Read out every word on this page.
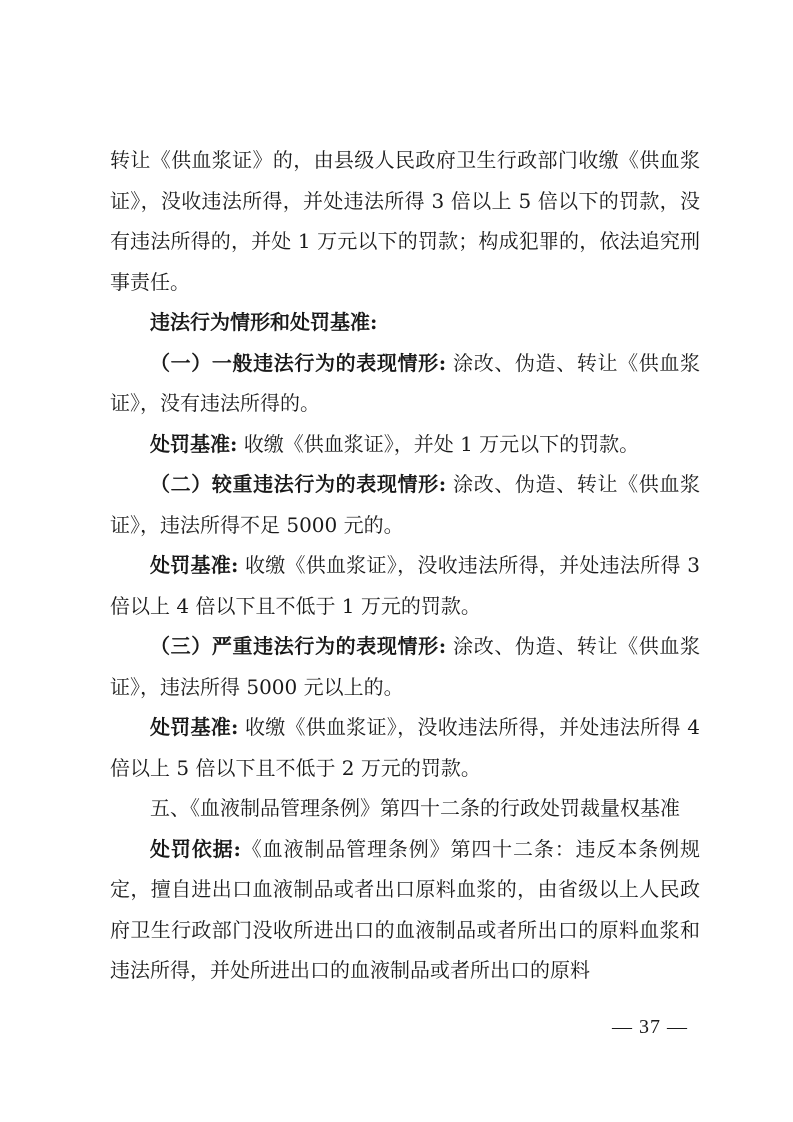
转让《供血浆证》的，由县级人民政府卫生行政部门收缴《供血浆证》，没收违法所得，并处违法所得 3 倍以上 5 倍以下的罚款，没有违法所得的，并处 1 万元以下的罚款；构成犯罪的，依法追究刑事责任。

违法行为情形和处罚基准:

（一）一般违法行为的表现情形: 涂改、伪造、转让《供血浆证》，没有违法所得的。

处罚基准: 收缴《供血浆证》，并处 1 万元以下的罚款。

（二）较重违法行为的表现情形: 涂改、伪造、转让《供血浆证》，违法所得不足 5000 元的。

处罚基准: 收缴《供血浆证》，没收违法所得，并处违法所得 3 倍以上 4 倍以下且不低于 1 万元的罚款。

（三）严重违法行为的表现情形: 涂改、伪造、转让《供血浆证》，违法所得 5000 元以上的。

处罚基准: 收缴《供血浆证》，没收违法所得，并处违法所得 4 倍以上 5 倍以下且不低于 2 万元的罚款。

五、《血液制品管理条例》第四十二条的行政处罚裁量权基准

处罚依据:《血液制品管理条例》第四十二条：违反本条例规定，擅自进出口血液制品或者出口原料血浆的，由省级以上人民政府卫生行政部门没收所进出口的血液制品或者所出口的原料血浆和违法所得，并处所进出口的血液制品或者所出口的原料

— 37 —
